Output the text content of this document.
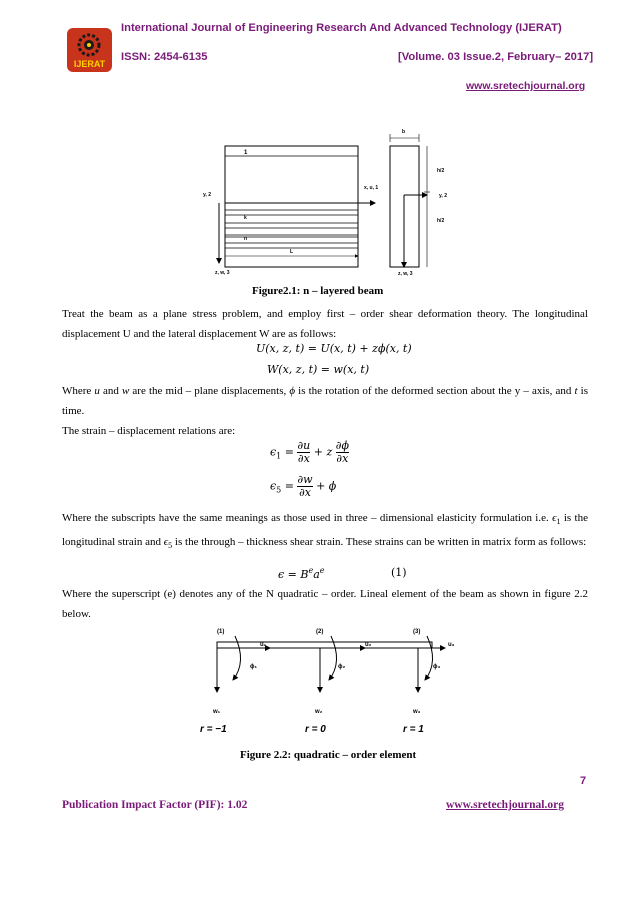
IJERAT
International Journal of Engineering Research And Advanced Technology (IJERAT)
ISSN: 2454-6135	[Volume. 03 Issue.2, February– 2017]
www.sretechjournal.org
1
k
n
L
x, u, 1
y, 2
z, w, 3
b
h/2
h/2
y, 2
z, w, 3
Figure2.1: n – layered beam
Treat the beam as a plane stress problem, and employ first – order shear deformation theory. The longitudinal displacement U and the lateral displacement W are as follows:
U(x, z, t) = U(x, t) + zϕ(x, t)
W(x, z, t) = w(x, t)
Where u and w are the mid – plane displacements, ϕ is the rotation of the deformed section about the y – axis, and t is time.
The strain – displacement relations are:
$\epsilon_1 = \frac{\partial u}{\partial x} + z \frac{\partial\phi}{\partial x}$
$\epsilon_5 = \frac{\partial w}{\partial x} + \phi$
Where the subscripts have the same meanings as those used in three – dimensional elasticity formulation i.e. $\epsilon_1$ is the longitudinal strain and $\epsilon_5$ is the through – thickness shear strain. These strains can be written in matrix form as follows:
$\epsilon = B^ea^e$	(1)
Where the superscript (e) denotes any of the N quadratic – order. Lineal element of the beam as shown in figure 2.2 below.
(1)	(2)	(3)
u₁	u₂	u₃
ϕ₁	ϕ₂	ϕ₃
w₁	w₂	w₃
r = −1	r = 0	r = 1
Figure 2.2: quadratic – order element
7
Publication Impact Factor (PIF): 1.02	www.sretechjournal.org
